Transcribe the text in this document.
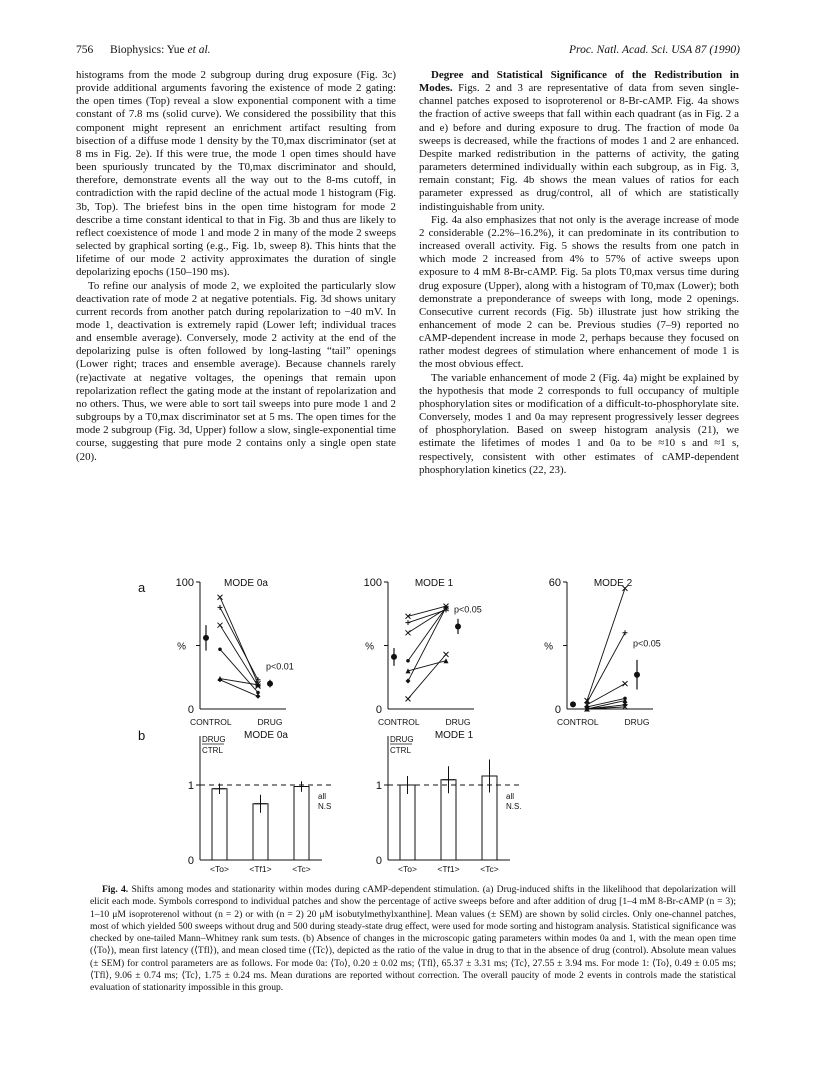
756 Biophysics: Yue et al.	Proc. Natl. Acad. Sci. USA 87 (1990)

histograms from the mode 2 subgroup during drug exposure (Fig. 3c) provide additional arguments favoring the existence of mode 2 gating: the open times (Top) reveal a slow exponential component with a time constant of 7.8 ms (solid curve). We considered the possibility that this component might represent an enrichment artifact resulting from bisection of a diffuse mode 1 density by the T0,max discriminator (set at 8 ms in Fig. 2e). If this were true, the mode 1 open times should have been spuriously truncated by the T0,max discriminator and should, therefore, demonstrate events all the way out to the 8-ms cutoff, in contradiction with the rapid decline of the actual mode 1 histogram (Fig. 3b, Top). The briefest bins in the open time histogram for mode 2 describe a time constant identical to that in Fig. 3b and thus are likely to reflect coexistence of mode 1 and mode 2 in many of the mode 2 sweeps selected by graphical sorting (e.g., Fig. 1b, sweep 8). This hints that the lifetime of our mode 2 activity approximates the duration of single depolarizing epochs (150–190 ms).

To refine our analysis of mode 2, we exploited the particularly slow deactivation rate of mode 2 at negative potentials. Fig. 3d shows unitary current records from another patch during repolarization to −40 mV. In mode 1, deactivation is extremely rapid (Lower left; individual traces and ensemble average). Conversely, mode 2 activity at the end of the depolarizing pulse is often followed by long-lasting “tail” openings (Lower right; traces and ensemble average). Because channels rarely (re)activate at negative voltages, the openings that remain upon repolarization reflect the gating mode at the instant of repolarization and no others. Thus, we were able to sort tail sweeps into pure mode 1 and 2 subgroups by a T0,max discriminator set at 5 ms. The open times for the mode 2 subgroup (Fig. 3d, Upper) follow a slow, single-exponential time course, suggesting that pure mode 2 contains only a single open state (20).

Degree and Statistical Significance of the Redistribution in Modes. Figs. 2 and 3 are representative of data from seven single-channel patches exposed to isoproterenol or 8-Br-cAMP. Fig. 4a shows the fraction of active sweeps that fall within each quadrant (as in Fig. 2 a and e) before and during exposure to drug. The fraction of mode 0a sweeps is decreased, while the fractions of modes 1 and 2 are enhanced. Despite marked redistribution in the patterns of activity, the gating parameters determined individually within each subgroup, as in Fig. 3, remain constant; Fig. 4b shows the mean values of ratios for each parameter expressed as drug/control, all of which are statistically indistinguishable from unity.

Fig. 4a also emphasizes that not only is the average increase of mode 2 considerable (2.2%–16.2%), it can predominate in its contribution to increased overall activity. Fig. 5 shows the results from one patch in which mode 2 increased from 4% to 57% of active sweeps upon exposure to 4 mM 8-Br-cAMP. Fig. 5a plots T0,max versus time during drug exposure (Upper), along with a histogram of T0,max (Lower); both demonstrate a preponderance of sweeps with long, mode 2 openings. Consecutive current records (Fig. 5b) illustrate just how striking the enhancement of mode 2 can be. Previous studies (7–9) reported no cAMP-dependent increase in mode 2, perhaps because they focused on rather modest degrees of stimulation where enhancement of mode 1 is the most obvious effect.

The variable enhancement of mode 2 (Fig. 4a) might be explained by the hypothesis that mode 2 corresponds to full occupancy of multiple phosphorylation sites or modification of a difficult-to-phosphorylate site. Conversely, modes 1 and 0a may represent progressively lesser degrees of phosphorylation. Based on sweep histogram analysis (21), we estimate the lifetimes of modes 1 and 0a to be ≈10 s and ≈1 s, respectively, consistent with other estimates of cAMP-dependent phosphorylation kinetics (22, 23).

a
b
100
0
%
MODE 0a
CONTROL	DRUG
p<0.01
100
0
%
MODE 1
CONTROL	DRUG
p<0.05
60
0
%
MODE 2
CONTROL	DRUG
p<0.05
1
0
DRUG
CTRL
MODE 0a
all
N.S
<To> <Tf1> <Tc>
1
0
DRUG
CTRL
MODE 1
all
N.S.
<To> <Tf1> <Tc>

Fig. 4. Shifts among modes and stationarity within modes during cAMP-dependent stimulation. (a) Drug-induced shifts in the likelihood that depolarization will elicit each mode. Symbols correspond to individual patches and show the percentage of active sweeps before and after addition of drug [1–4 mM 8-Br-cAMP (n = 3); 1–10 μM isoproterenol without (n = 2) or with (n = 2) 20 μM isobutylmethylxanthine]. Mean values (± SEM) are shown by solid circles. Only one-channel patches, most of which yielded 500 sweeps without drug and 500 during steady-state drug effect, were used for mode sorting and histogram analysis. Statistical significance was checked by one-tailed Mann–Whitney rank sum tests. (b) Absence of changes in the microscopic gating parameters within modes 0a and 1, with the mean open time (⟨To⟩), mean first latency (⟨Tfl⟩), and mean closed time (⟨Tc⟩), depicted as the ratio of the value in drug to that in the absence of drug (control). Absolute mean values (± SEM) for control parameters are as follows. For mode 0a: ⟨To⟩, 0.20 ± 0.02 ms; ⟨Tfl⟩, 65.37 ± 3.31 ms; ⟨Tc⟩, 27.55 ± 3.94 ms. For mode 1: ⟨To⟩, 0.49 ± 0.05 ms; ⟨Tfl⟩, 9.06 ± 0.74 ms; ⟨Tc⟩, 1.75 ± 0.24 ms. Mean durations are reported without correction. The overall paucity of mode 2 events in controls made the statistical evaluation of stationarity impossible in this group.
